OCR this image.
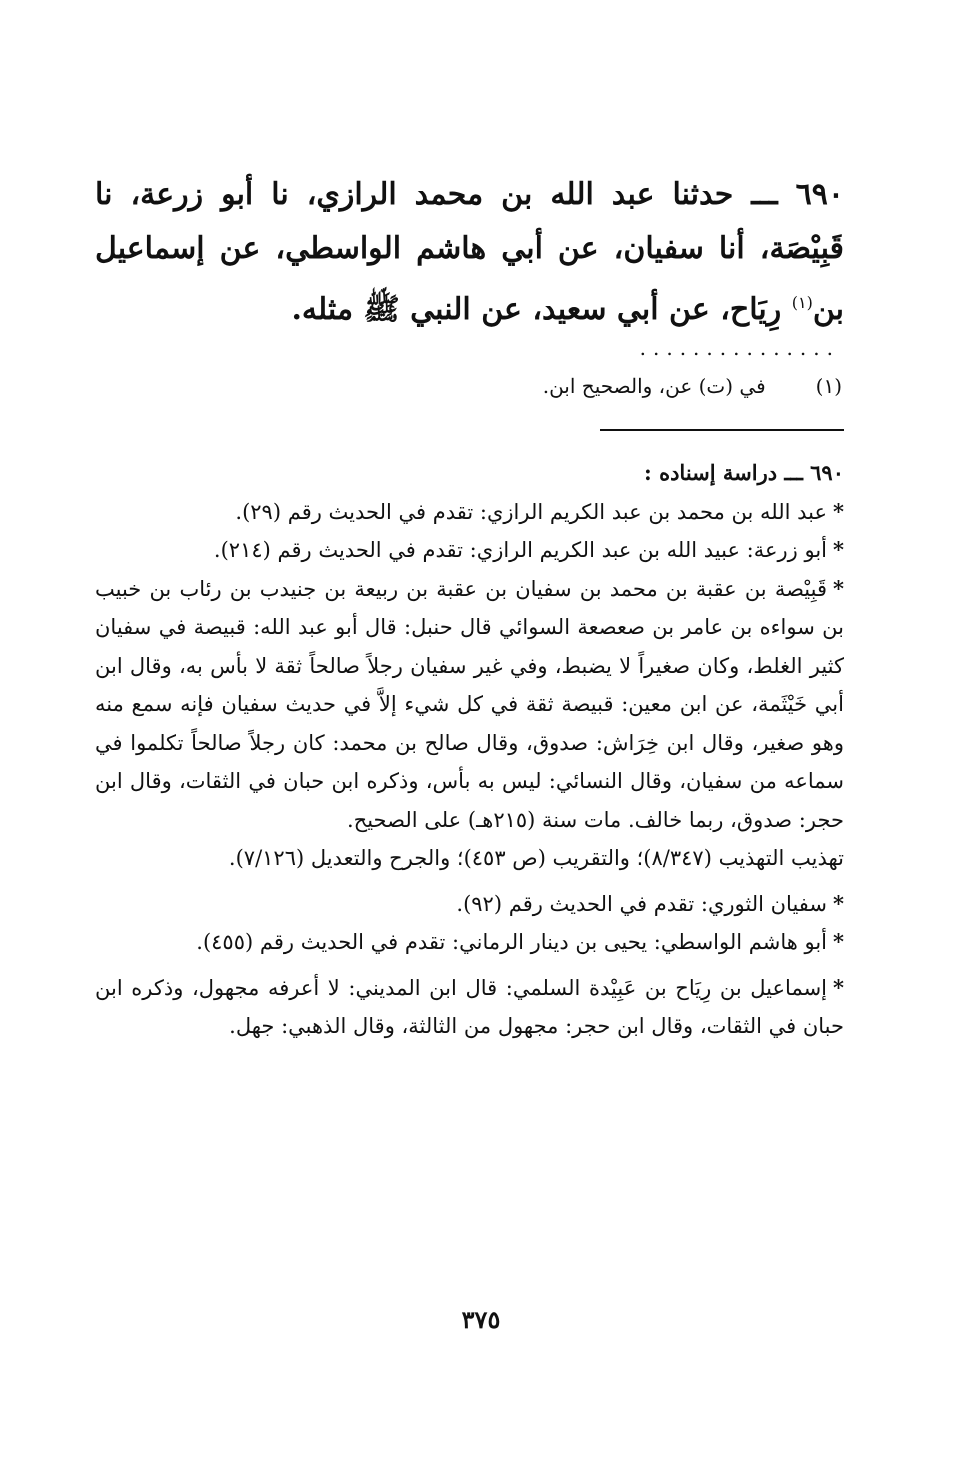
٦٩٠ ـــ حدثنا عبد الله بن محمد الرازي، نا أبو زرعة، نا قَبِيْصَة، أنا سفيان، عن أبي هاشم الواسطي، عن إسماعيل بن$^{(١)}$ رِيَاح، عن أبي سعيد، عن النبي ﷺ مثله.
...............
(١) في (ت) عن، والصحيح ابن.
٦٩٠ ـــ دراسة إسناده :
*عبد الله بن محمد بن عبد الكريم الرازي: تقدم في الحديث رقم (٢٩).
*أبو زرعة: عبيد الله بن عبد الكريم الرازي: تقدم في الحديث رقم (٢١٤).
*قَبِيْصة بن عقبة بن محمد بن سفيان بن عقبة بن ربيعة بن جنيدب بن رئاب بن خبيب بن سواءه بن عامر بن صعصعة السوائي قال حنبل: قال أبو عبد الله: قبيصة في سفيان كثير الغلط، وكان صغيراً لا يضبط، وفي غير سفيان رجلاً صالحاً ثقة لا بأس به، وقال ابن أبي خَيْثَمة، عن ابن معين: قبيصة ثقة في كل شيء إلاَّ في حديث سفيان فإنه سمع منه وهو صغير، وقال ابن خِرَاش: صدوق، وقال صالح بن محمد: كان رجلاً صالحاً تكلموا في سماعه من سفيان، وقال النسائي: ليس به بأس، وذكره ابن حبان في الثقات، وقال ابن حجر: صدوق، ربما خالف. مات سنة (٢١٥هـ) على الصحيح.
تهذيب التهذيب (٨/٣٤٧)؛ والتقريب (ص ٤٥٣)؛ والجرح والتعديل (٧/١٢٦).
*سفيان الثوري: تقدم في الحديث رقم (٩٢).
*أبو هاشم الواسطي: يحيى بن دينار الرماني: تقدم في الحديث رقم (٤٥٥).
*إسماعيل بن رِيَاح بن عَبِيْدة السلمي: قال ابن المديني: لا أعرفه مجهول، وذكره ابن حبان في الثقات، وقال ابن حجر: مجهول من الثالثة، وقال الذهبي: جهل.
٣٧٥
